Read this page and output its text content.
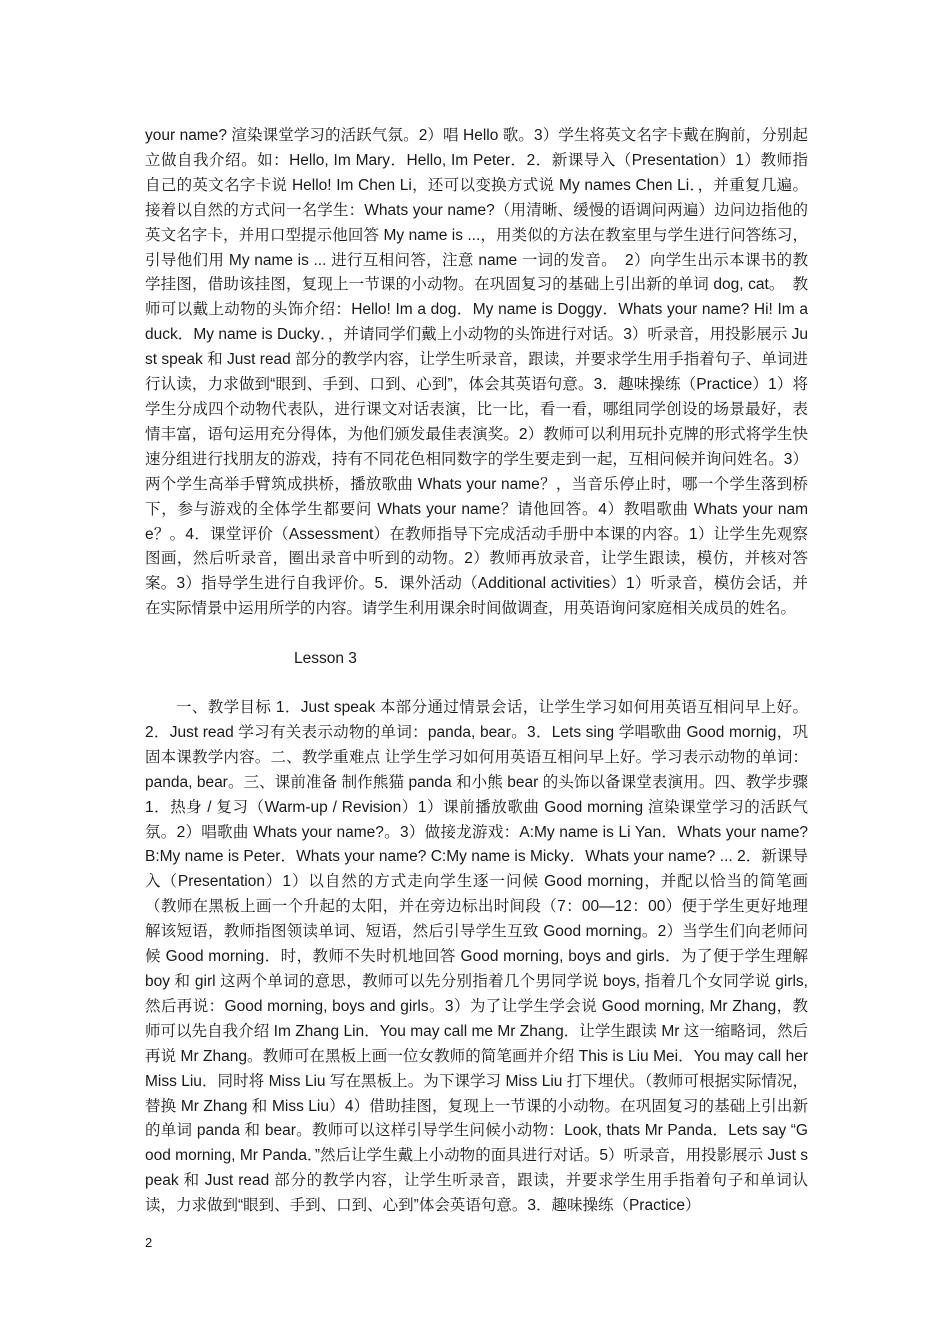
your name? 渲染课堂学习的活跃气氛。2）唱 Hello 歌。3）学生将英文名字卡戴在胸前，分别起立做自我介绍。如：Hello, Im Mary．Hello, Im Peter．2．新课导入（Presentation）1）教师指自己的英文名字卡说 Hello! Im Chen Li，还可以变换方式说 My names Chen Li．，并重复几遍。接着以自然的方式问一名学生：Whats your name?（用清晰、缓慢的语调问两遍）边问边指他的英文名字卡，并用口型提示他回答 My name is ...，用类似的方法在教室里与学生进行问答练习，引导他们用 My name is ... 进行互相问答，注意 name 一词的发音。　2）向学生出示本课书的教学挂图，借助该挂图，复现上一节课的小动物。在巩固复习的基础上引出新的单词 dog, cat。　教师可以戴上动物的头饰介绍：Hello! Im a dog．My name is Doggy．Whats your name? Hi! Im a duck．My name is Ducky．，并请同学们戴上小动物的头饰进行对话。3）听录音，用投影展示 Just speak 和 Just read 部分的教学内容，让学生听录音，跟读，并要求学生用手指着句子、单词进行认读，力求做到“眼到、手到、口到、心到”，体会其英语句意。3．趣味操练（Practice）1）将学生分成四个动物代表队，进行课文对话表演，比一比，看一看，哪组同学创设的场景最好，表情丰富，语句运用充分得体，为他们颁发最佳表演奖。2）教师可以利用玩扑克牌的形式将学生快速分组进行找朋友的游戏，持有不同花色相同数字的学生要走到一起，互相问候并询问姓名。3）两个学生高举手臂筑成拱桥，播放歌曲 Whats your name？，当音乐停止时，哪一个学生落到桥下，参与游戏的全体学生都要问 Whats your name？请他回答。4）教唱歌曲 Whats your name？。4．课堂评价（Assessment）在教师指导下完成活动手册中本课的内容。1）让学生先观察图画，然后听录音，圈出录音中听到的动物。2）教师再放录音，让学生跟读，模仿，并核对答案。3）指导学生进行自我评价。5．课外活动（Additional activities）1）听录音，模仿会话，并在实际情景中运用所学的内容。请学生利用课余时间做调查，用英语询问家庭相关成员的姓名。
Lesson 3
一、教学目标 1．Just speak 本部分通过情景会话，让学生学习如何用英语互相问早上好。2．Just read 学习有关表示动物的单词：panda, bear。3．Lets sing 学唱歌曲 Good mornig，巩固本课教学内容。二、教学重难点 让学生学习如何用英语互相问早上好。学习表示动物的单词：panda, bear。三、课前准备 制作熊猫 panda 和小熊 bear 的头饰以备课堂表演用。四、教学步骤 1．热身 / 复习（Warm-up / Revision）1）课前播放歌曲 Good morning 渲染课堂学习的活跃气氛。2）唱歌曲 Whats your name?。3）做接龙游戏：A:My name is Li Yan．Whats your name? B:My name is Peter．Whats your name? C:My name is Micky．Whats your name? ... 2．新课导入（Presentation）1）以自然的方式走向学生逐一问候 Good morning，并配以恰当的简笔画（教师在黑板上画一个升起的太阳，并在旁边标出时间段（7：00—12：00）便于学生更好地理解该短语，教师指图领读单词、短语，然后引导学生互致 Good morning。2）当学生们向老师问候 Good morning．时，教师不失时机地回答 Good morning, boys and girls．为了便于学生理解 boy 和 girl 这两个单词的意思，教师可以先分别指着几个男同学说 boys, 指着几个女同学说 girls, 然后再说：Good morning, boys and girls。3）为了让学生学会说 Good morning, Mr Zhang，教师可以先自我介绍 Im Zhang Lin．You may call me Mr Zhang．让学生跟读 Mr 这一缩略词，然后再说 Mr Zhang。教师可在黑板上画一位女教师的简笔画并介绍 This is Liu Mei．You may call her Miss Liu．同时将 Miss Liu 写在黑板上。为下课学习 Miss Liu 打下埋伏。（教师可根据实际情况，替换 Mr Zhang 和 Miss Liu）4）借助挂图，复现上一节课的小动物。在巩固复习的基础上引出新的单词 panda 和 bear。教师可以这样引导学生问候小动物：Look, thats Mr Panda．Lets say “Good morning, Mr Panda．”然后让学生戴上小动物的面具进行对话。5）听录音，用投影展示 Just speak 和 Just read 部分的教学内容，让学生听录音，跟读，并要求学生用手指着句子和单词认读，力求做到“眼到、手到、口到、心到”体会英语句意。3．趣味操练（Practice）
2
